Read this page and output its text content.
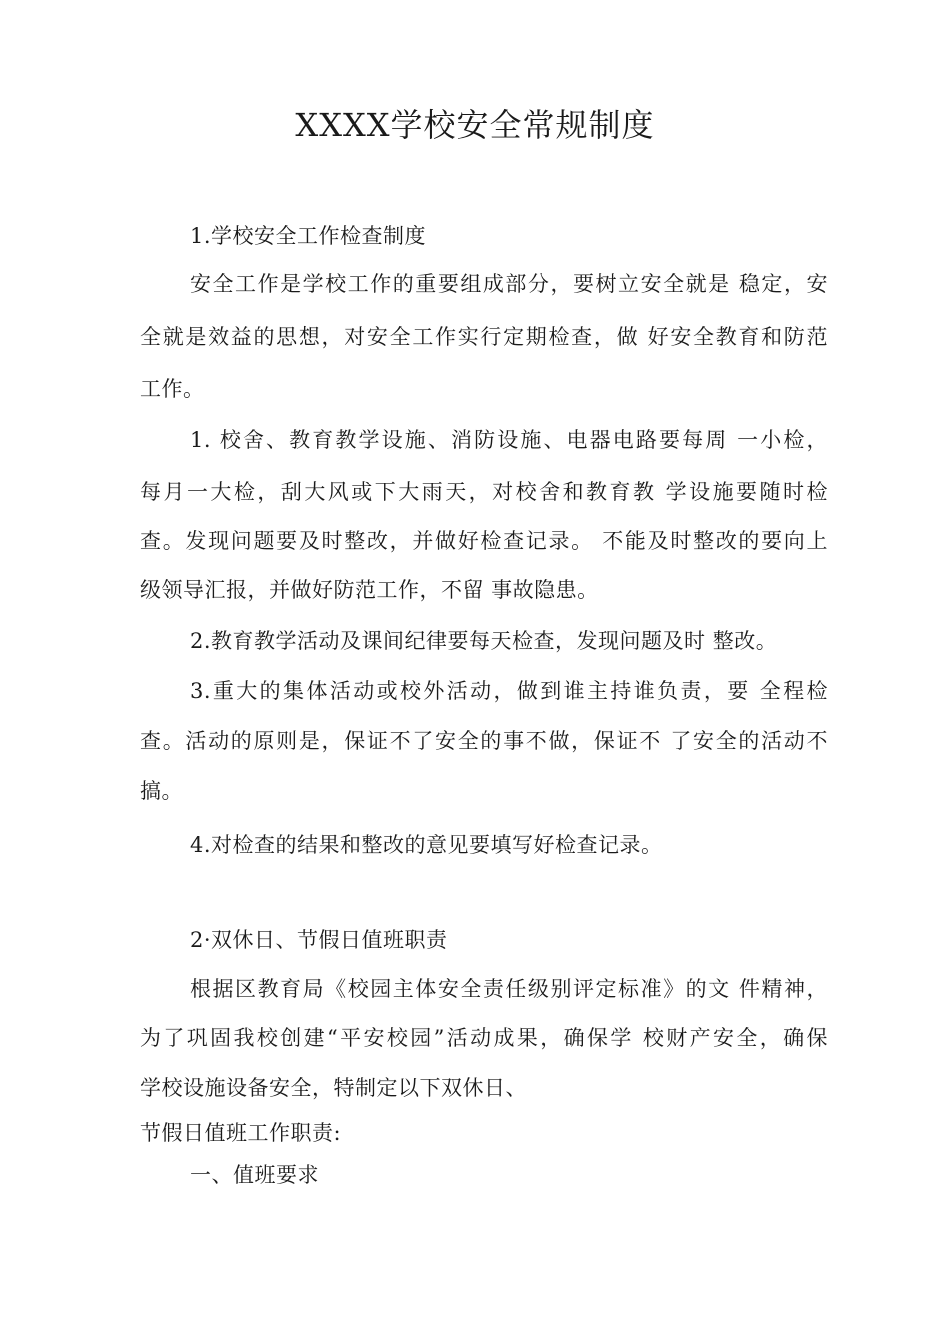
XXXX学校安全常规制度
1.学校安全工作检查制度
安全工作是学校工作的重要组成部分，要树立安全就是 稳定，安
全就是效益的思想，对安全工作实行定期检查，做 好安全教育和防范
工作。
1. 校舍、教育教学设施、消防设施、电器电路要每周 一小检，
每月一大检，刮大风或下大雨天，对校舍和教育教 学设施要随时检
查。发现问题要及时整改，并做好检查记录。 不能及时整改的要向上
级领导汇报，并做好防范工作，不留 事故隐患。
2.教育教学活动及课间纪律要每天检查，发现问题及时 整改。
3.重大的集体活动或校外活动，做到谁主持谁负责，要 全程检
查。活动的原则是，保证不了安全的事不做，保证不 了安全的活动不
搞。
4.对检查的结果和整改的意见要填写好检查记录。
2·双休日、节假日值班职责
根据区教育局《校园主体安全责任级别评定标准》的文 件精神，
为了巩固我校创建“平安校园”活动成果，确保学 校财产安全，确保
学校设施设备安全，特制定以下双休日、
节假日值班工作职责:
一、值班要求
